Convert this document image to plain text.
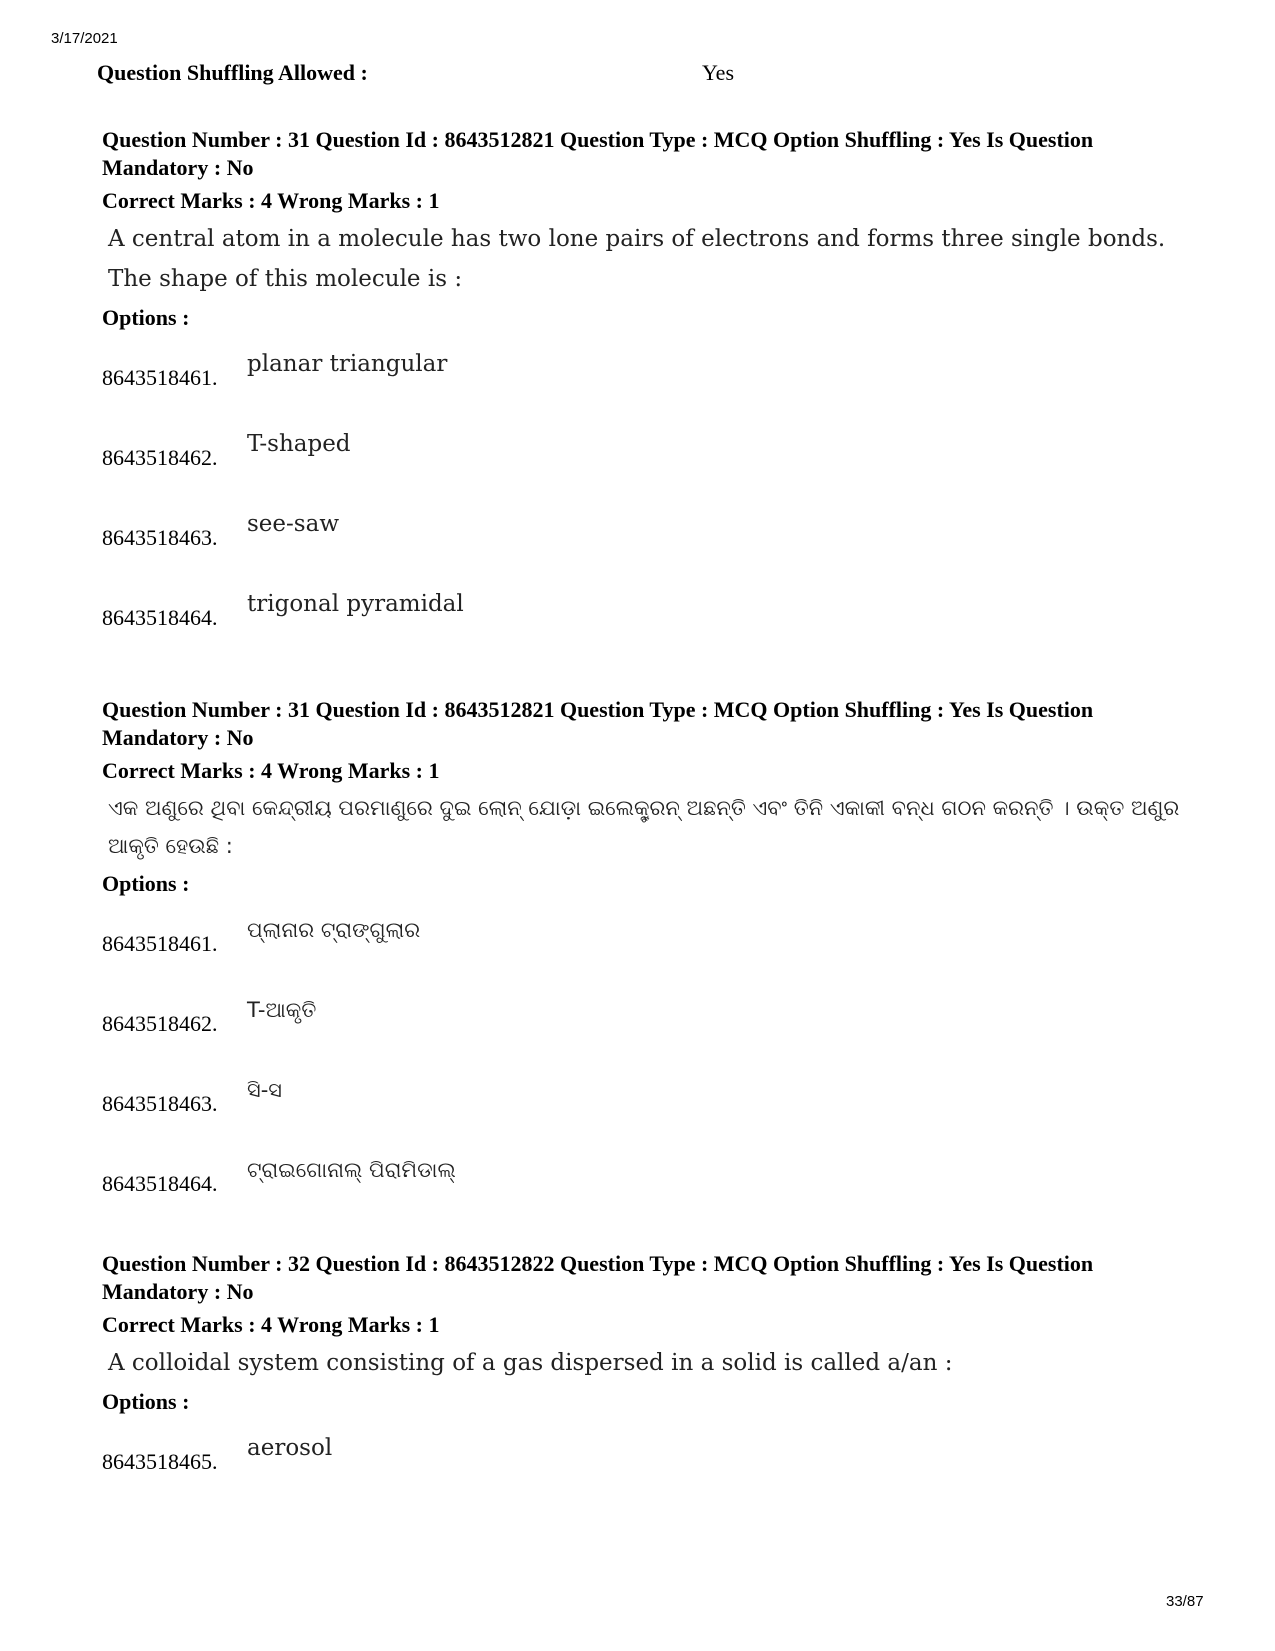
3/17/2021
Question Shuffling Allowed :	Yes
Question Number : 31 Question Id : 8643512821 Question Type : MCQ Option Shuffling : Yes Is Question Mandatory : No
Correct Marks : 4 Wrong Marks : 1
A central atom in a molecule has two lone pairs of electrons and forms three single bonds. The shape of this molecule is :
Options :
8643518461.
planar triangular
8643518462.
T-shaped
8643518463.
see-saw
8643518464.
trigonal pyramidal
Question Number : 31 Question Id : 8643512821 Question Type : MCQ Option Shuffling : Yes Is Question Mandatory : No
Correct Marks : 4 Wrong Marks : 1
ଏକ ଅଣୁରେ ଥିବା କେନ୍ଦ୍ରୀୟ ପରମାଣୁରେ ଦୁଇ ଲୋନ୍ ଯୋଡ଼ା ଇଲେକ୍ଟ୍ରନ୍ ଅଛନ୍ତି ଏବଂ ତିନି ଏକାକୀ ବନ୍ଧ ଗଠନ କରନ୍ତି । ଉକ୍ତ ଅଣୁର ଆକୃତି ହେଉଛି :
Options :
8643518461.
ପ୍ଲାନାର ଟ୍ରାଙ୍ଗୁଲାର
8643518462.
T-ଆକୃତି
8643518463.
ସି-ସ
8643518464.
ଟ୍ରାଇଗୋନାଲ୍ ପିରାମିଡାଲ୍
Question Number : 32 Question Id : 8643512822 Question Type : MCQ Option Shuffling : Yes Is Question Mandatory : No
Correct Marks : 4 Wrong Marks : 1
A colloidal system consisting of a gas dispersed in a solid is called a/an :
Options :
8643518465.
aerosol
33/87
